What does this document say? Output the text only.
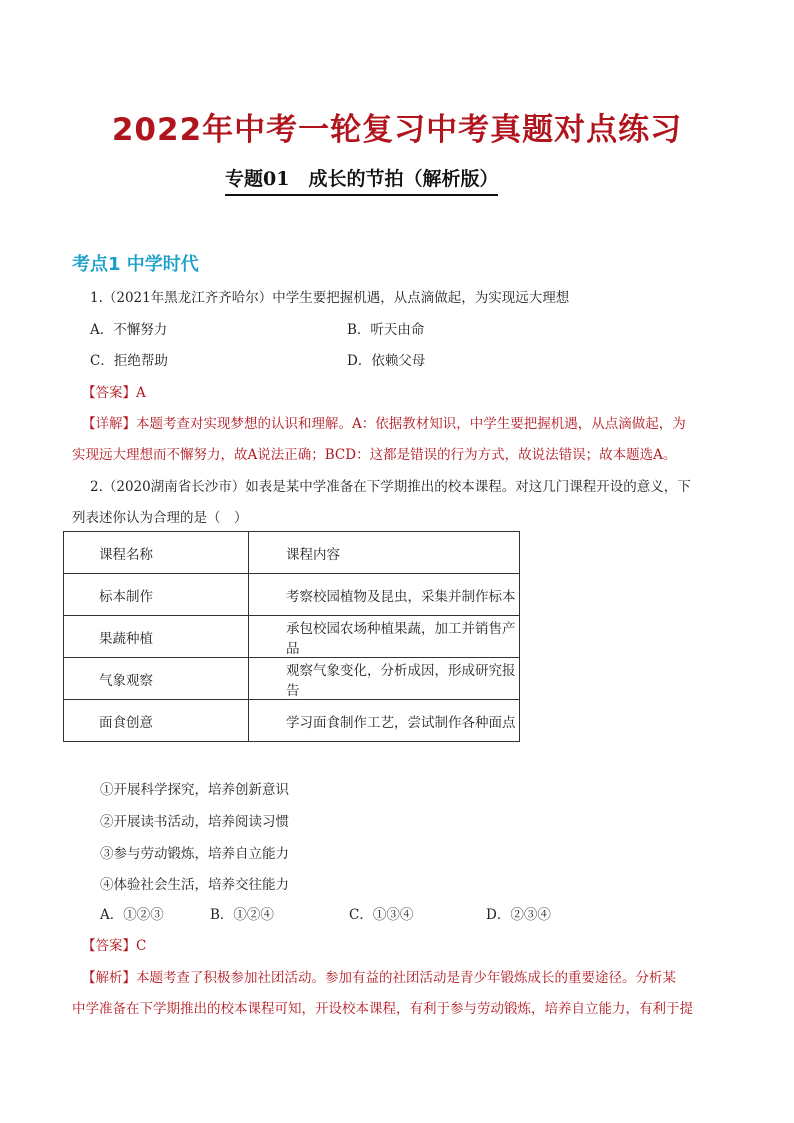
2022年中考一轮复习中考真题对点练习
专题01　成长的节拍（解析版）
考点1 中学时代
1.（2021年黑龙江齐齐哈尔）中学生要把握机遇，从点滴做起，为实现远大理想
A．不懈努力	B．听天由命
C．拒绝帮助	D．依赖父母
【答案】A
【详解】本题考查对实现梦想的认识和理解。A：依据教材知识，中学生要把握机遇，从点滴做起，为
实现远大理想而不懈努力，故A说法正确；BCD：这都是错误的行为方式，故说法错误；故本题选A。
2.（2020湖南省长沙市）如表是某中学准备在下学期推出的校本课程。对这几门课程开设的意义，下
列表述你认为合理的是（　）
课程名称	课程内容
标本制作	考察校园植物及昆虫，采集并制作标本
果蔬种植	承包校园农场种植果蔬，加工并销售产品
气象观察	观察气象变化，分析成因，形成研究报告
面食创意	学习面食制作工艺，尝试制作各种面点
①开展科学探究，培养创新意识
②开展读书活动，培养阅读习惯
③参与劳动锻炼，培养自立能力
④体验社会生活，培养交往能力
A．①②③	B．①②④	C．①③④	D．②③④
【答案】C
【解析】本题考查了积极参加社团活动。参加有益的社团活动是青少年锻炼成长的重要途径。分析某
中学准备在下学期推出的校本课程可知，开设校本课程，有利于参与劳动锻炼，培养自立能力，有利于提
